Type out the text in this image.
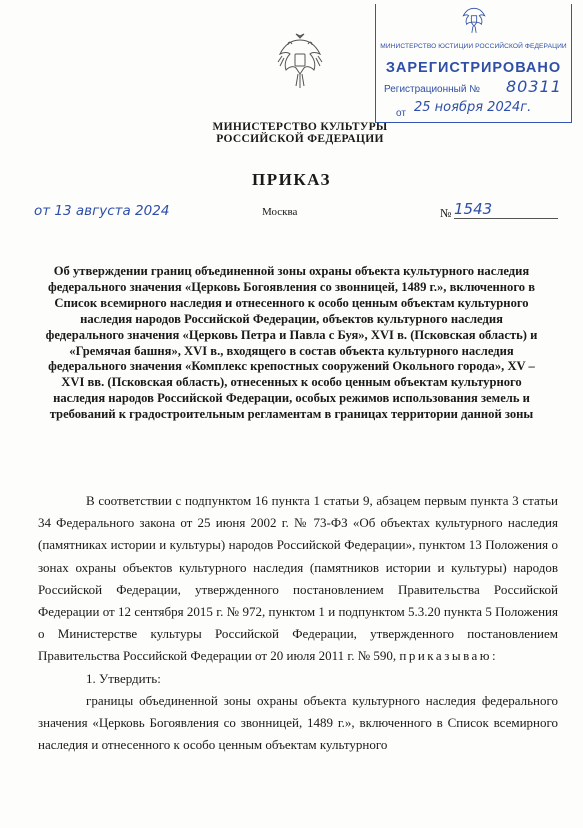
МИНИСТЕРСТВО КУЛЬТУРЫ
РОССИЙСКОЙ ФЕДЕРАЦИИ
МИНИСТЕРСТВО ЮСТИЦИИ РОССИЙСКОЙ ФЕДЕРАЦИИ
ЗАРЕГИСТРИРОВАНО
Регистрационный № 80311
от 25 ноября 2024г.
ПРИКАЗ
от 13 августа 2024	Москва	№ 1543
Об утверждении границ объединенной зоны охраны объекта культурного наследия федерального значения «Церковь Богоявления со звонницей, 1489 г.», включенного в Список всемирного наследия и отнесенного к особо ценным объектам культурного наследия народов Российской Федерации, объектов культурного наследия федерального значения «Церковь Петра и Павла с Буя», XVI в. (Псковская область) и «Гремячая башня», XVI в., входящего в состав объекта культурного наследия федерального значения «Комплекс крепостных сооружений Окольного города», XV – XVI вв. (Псковская область), отнесенных к особо ценным объектам культурного наследия народов Российской Федерации, особых режимов использования земель и требований к градостроительным регламентам в границах территории данной зоны

В соответствии с подпунктом 16 пункта 1 статьи 9, абзацем первым пункта 3 статьи 34 Федерального закона от 25 июня 2002 г. № 73-ФЗ «Об объектах культурного наследия (памятниках истории и культуры) народов Российской Федерации», пунктом 13 Положения о зонах охраны объектов культурного наследия (памятников истории и культуры) народов Российской Федерации, утвержденного постановлением Правительства Российской Федерации от 12 сентября 2015 г. № 972, пунктом 1 и подпунктом 5.3.20 пункта 5 Положения о Министерстве культуры Российской Федерации, утвержденного постановлением Правительства Российской Федерации от 20 июля 2011 г. № 590, приказываю:

1. Утвердить:

границы объединенной зоны охраны объекта культурного наследия федерального значения «Церковь Богоявления со звонницей, 1489 г.», включенного в Список всемирного наследия и отнесенного к особо ценным объектам культурного
